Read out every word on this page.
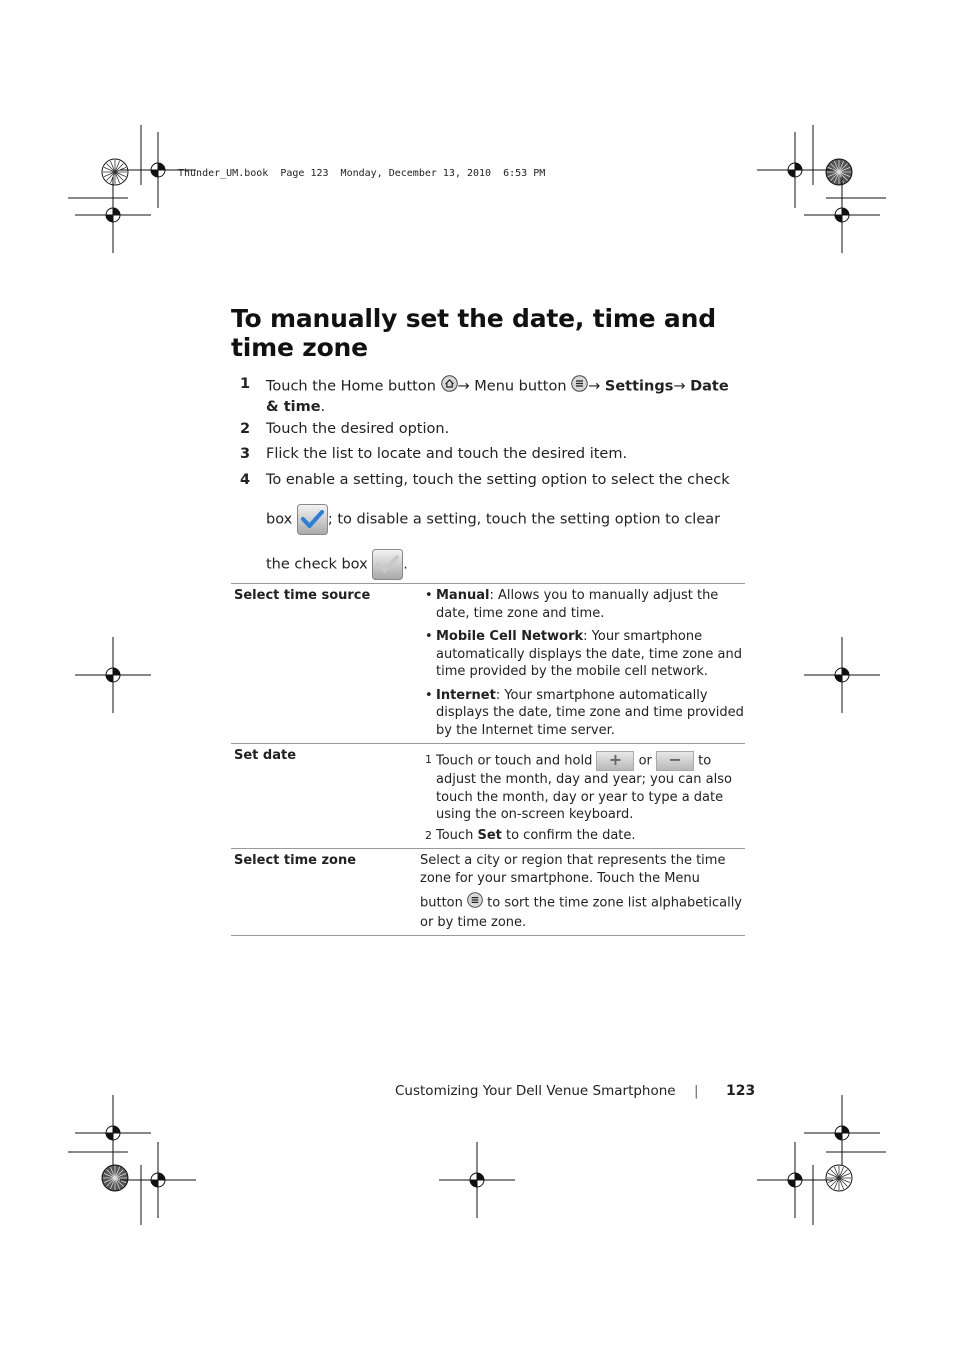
Thunder_UM.book  Page 123  Monday, December 13, 2010  6:53 PM
To manually set the date, time and time zone
1 Touch the Home button → Menu button → Settings→ Date & time.
2 Touch the desired option.
3 Flick the list to locate and touch the desired item.
4 To enable a setting, touch the setting option to select the check
box ; to disable a setting, touch the setting option to clear
the check box .
Select time source	• Manual: Allows you to manually adjust the date, time zone and time.
• Mobile Cell Network: Your smartphone automatically displays the date, time zone and time provided by the mobile cell network.
• Internet: Your smartphone automatically displays the date, time zone and time provided by the Internet time server.

Set date	1 Touch or touch and hold + or − to adjust the month, day and year; you can also touch the month, day or year to type a date using the on-screen keyboard.
2 Touch Set to confirm the date.

Select time zone	Select a city or region that represents the time zone for your smartphone. Touch the Menu
button  to sort the time zone list alphabetically or by time zone.
Customizing Your Dell Venue Smartphone | 123
